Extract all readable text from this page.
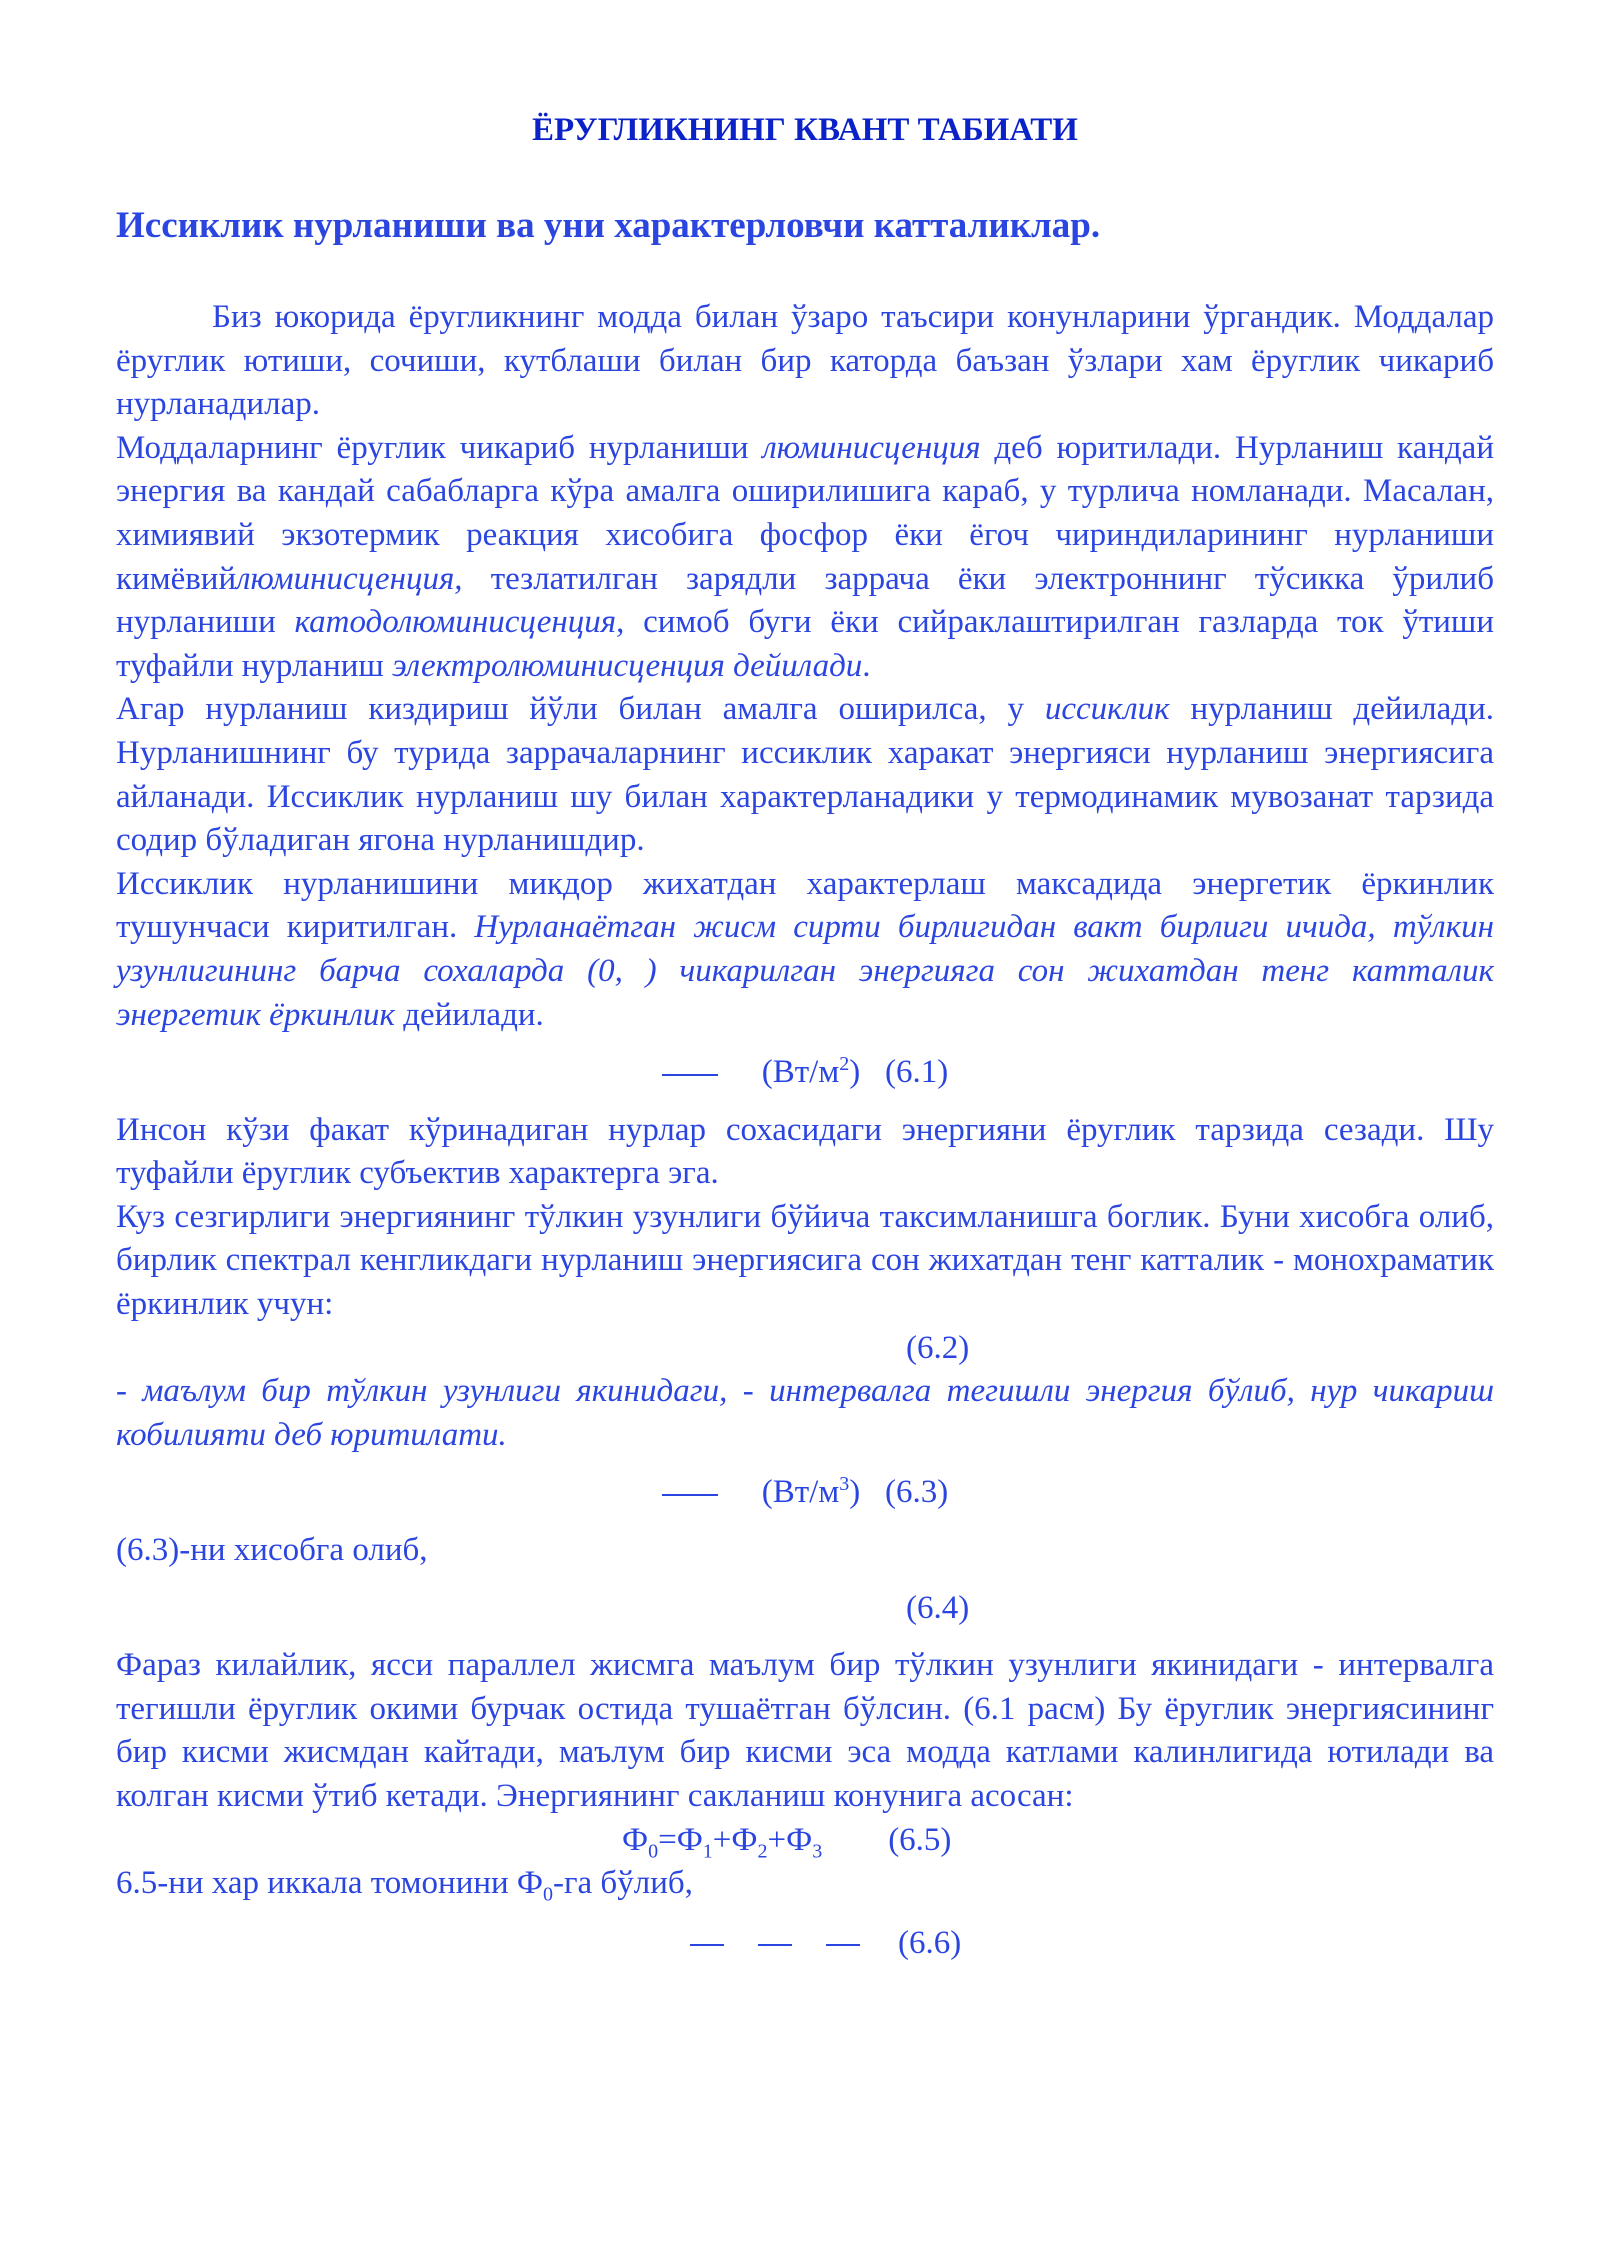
ЁРУГЛИКНИНГ КВАНТ ТАБИАТИ
Иссиклик нурланиши ва уни характерловчи катталиклар.

Биз юкорида ёругликнинг модда билан ўзаро таъсири конунларини ўргандик. Моддалар ёруглик ютиши, сочиши, кутблаши билан бир каторда баъзан ўзлари хам ёруглик чикариб нурланадилар.

Моддаларнинг ёруглик чикариб нурланиши люминисценция деб юритилади. Нурланиш кандай энергия ва кандай сабабларга кўра амалга оширилишига караб, у турлича номланади. Масалан, химиявий экзотермик реакция хисобига фосфор ёки ёгоч чириндиларининг нурланиши кимёвийлюминисценция, тезлатилган зарядли заррача ёки электроннинг тўсикка ўрилиб нурланиши катодолюминисценция, симоб буги ёки сийраклаштирилган газларда ток ўтиши туфайли нурланиш электролюминисценция дейилади.

Агар нурланиш киздириш йўли билан амалга оширилса, у иссиклик нурланиш дейилади. Нурланишнинг бу турида заррачаларнинг иссиклик харакат энергияси нурланиш энергиясига айланади. Иссиклик нурланиш шу билан характерланадики у термодинамик мувозанат тарзида содир бўладиган ягона нурланишдир.

Иссиклик нурланишини микдор жихатдан характерлаш максадида энергетик ёркинлик тушунчаси киритилган. Нурланаётган жисм сирти бирлигидан вакт бирлиги ичида, тўлкин узунлигининг барча сохаларда (0, ) чикарилган энергияга сон жихатдан тенг катталик энергетик ёркинлик дейилади.

$(Вт/м^2)$ (6.1)

Инсон кўзи факат кўринадиган нурлар сохасидаги энергияни ёруглик тарзида сезади. Шу туфайли ёруглик субъектив характерга эга.

Куз сезгирлиги энергиянинг тўлкин узунлиги бўйича таксимланишга боглик. Буни хисобга олиб, бирлик спектрал кенгликдаги нурланиш энергиясига сон жихатдан тенг катталик - монохраматик ёркинлик учун:

(6.2)

- маълум бир тўлкин узунлиги якинидаги, - интервалга тегишли энергия бўлиб, нур чикариш кобилияти деб юритилати.

$(Вт/м^3)$ (6.3)

(6.3)-ни хисобга олиб,

(6.4)

Фараз килайлик, ясси параллел жисмга маълум бир тўлкин узунлиги якинидаги - интервалга тегишли ёруглик окими бурчак остида тушаётган бўлсин. (6.1 расм) Бу ёруглик энергиясининг бир кисми жисмдан кайтади, маълум бир кисми эса модда катлами калинлигида ютилади ва колган кисми ўтиб кетади. Энергиянинг сакланиш конунига асосан:

$Ф_0=Ф_1+Ф_2+Ф_3$ (6.5)

6.5-ни хар иккала томонини $Ф_0-га$ бўлиб,

(6.6)
